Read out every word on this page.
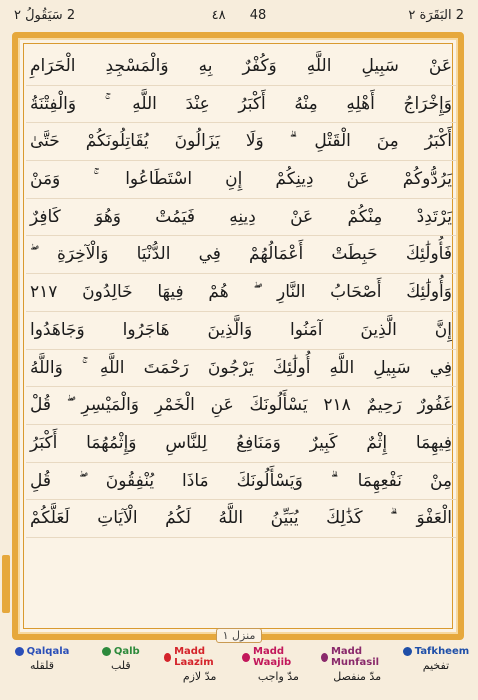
2 سَيَقُولُ ٢	٤٨ 48	2 البَقَرَة ٢
عَنْ سَبِيلِ اللَّهِ وَكُفْرٌ بِهِ وَالْمَسْجِدِ الْحَرَامِ
وَإِخْرَاجُ أَهْلِهِ مِنْهُ أَكْبَرُ عِنْدَ اللَّهِ ۚ وَالْفِتْنَةُ
أَكْبَرُ مِنَ الْقَتْلِ ۗ وَلَا يَزَالُونَ يُقَاتِلُونَكُمْ حَتَّىٰ
يَرُدُّوكُمْ عَنْ دِينِكُمْ إِنِ اسْتَطَاعُوا ۚ وَمَنْ
يَرْتَدِدْ مِنْكُمْ عَنْ دِينِهِ فَيَمُتْ وَهُوَ كَافِرٌ
فَأُولَٰئِكَ حَبِطَتْ أَعْمَالُهُمْ فِي الدُّنْيَا وَالْآخِرَةِ ۖ
وَأُولَٰئِكَ أَصْحَابُ النَّارِ ۖ هُمْ فِيهَا خَالِدُونَ ٢١٧
إِنَّ الَّذِينَ آمَنُوا وَالَّذِينَ هَاجَرُوا وَجَاهَدُوا
فِي سَبِيلِ اللَّهِ أُولَٰئِكَ يَرْجُونَ رَحْمَتَ اللَّهِ ۚ وَاللَّهُ
غَفُورٌ رَحِيمٌ ٢١٨ يَسْأَلُونَكَ عَنِ الْخَمْرِ وَالْمَيْسِرِ ۖ قُلْ
فِيهِمَا إِثْمٌ كَبِيرٌ وَمَنَافِعُ لِلنَّاسِ وَإِثْمُهُمَا أَكْبَرُ
مِنْ نَفْعِهِمَا ۗ وَيَسْأَلُونَكَ مَاذَا يُنْفِقُونَ ۖ قُلِ
الْعَفْوَ ۗ كَذَٰلِكَ يُبَيِّنُ اللَّهُ لَكُمُ الْآيَاتِ لَعَلَّكُمْ
منزل ١
Qalqala
قلقله
Qalb
قلب
Madd Laazim
مدّ لازم
Madd Waajib
مدّ واجب
Madd Munfasil
مدّ منفصل
Tafkheem
تفخیم
